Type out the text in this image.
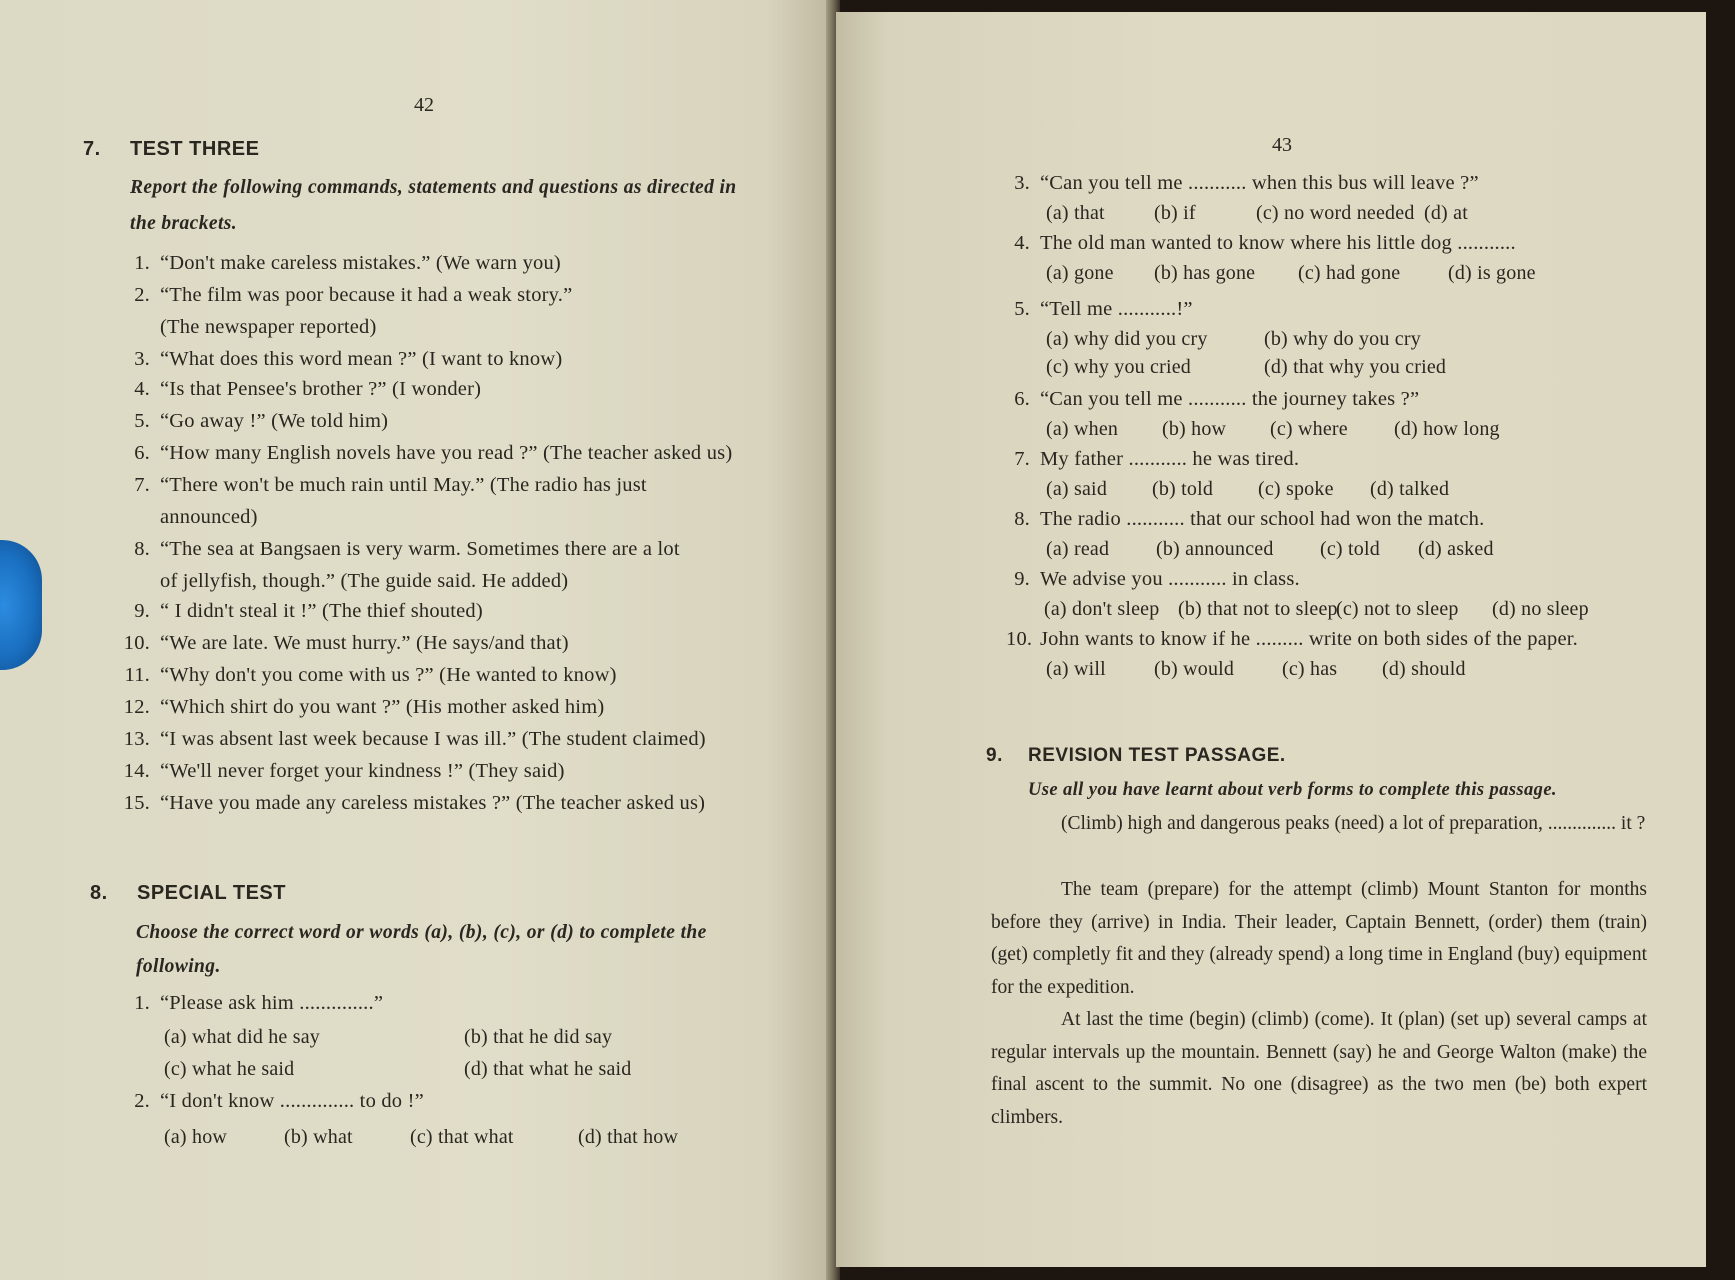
42
7. TEST THREE
Report the following commands, statements and questions as directed in the brackets.
1. “Don't make careless mistakes.” (We warn you)
2. “The film was poor because it had a weak story.”
(The newspaper reported)
3. “What does this word mean ?” (I want to know)
4. “Is that Pensee's brother ?” (I wonder)
5. “Go away !” (We told him)
6. “How many English novels have you read ?” (The teacher asked us)
7. “There won't be much rain until May.” (The radio has just
announced)
8. “The sea at Bangsaen is very warm. Sometimes there are a lot
of jellyfish, though.” (The guide said. He added)
9. “ I didn't steal it !” (The thief shouted)
10. “We are late. We must hurry.” (He says/and that)
11. “Why don't you come with us ?” (He wanted to know)
12. “Which shirt do you want ?” (His mother asked him)
13. “I was absent last week because I was ill.” (The student claimed)
14. “We'll never forget your kindness !” (They said)
15. “Have you made any careless mistakes ?” (The teacher asked us)
8. SPECIAL TEST
Choose the correct word or words (a), (b), (c), or (d) to complete the following.
1. “Please ask him ..............”
(a) what did he say	(b) that he did say
(c) what he said	(d) that what he said
2. “I don't know .............. to do !”
(a) how	(b) what	(c) that what	(d) that how
43
3. “Can you tell me ........... when this bus will leave ?”
(a) that (b) if	(c) no word needed (d) at
4. The old man wanted to know where his little dog ...........
(a) gone (b) has gone (c) had gone (d) is gone
5. “Tell me ...........!”
(a) why did you cry	(b) why do you cry
(c) why you cried	(d) that why you cried
6. “Can you tell me ........... the journey takes ?”
(a) when (b) how (c) where (d) how long
7. My father ........... he was tired.
(a) said (b) told (c) spoke (d) talked
8. The radio ........... that our school had won the match.
(a) read (b) announced (c) told (d) asked
9. We advise you ........... in class.
(a) don't sleep (b) that not to sleep
(c) not to sleep (d) no sleep
10. John wants to know if he ......... write on both sides of the paper.
(a) will (b) would (c) has (d) should
9. REVISION TEST PASSAGE.
Use all you have learnt about verb forms to complete this passage.
(Climb) high and dangerous peaks (need) a lot of preparation, .............. it ?
The team (prepare) for the attempt (climb) Mount Stanton for months before they (arrive) in India. Their leader, Captain Bennett, (order) them (train) (get) completly fit and they (already spend) a long time in England (buy) equipment for the expedition.
At last the time (begin) (climb) (come). It (plan) (set up) several camps at regular intervals up the mountain. Bennett (say) he and George Walton (make) the final ascent to the summit. No one (disagree) as the two men (be) both expert climbers.
